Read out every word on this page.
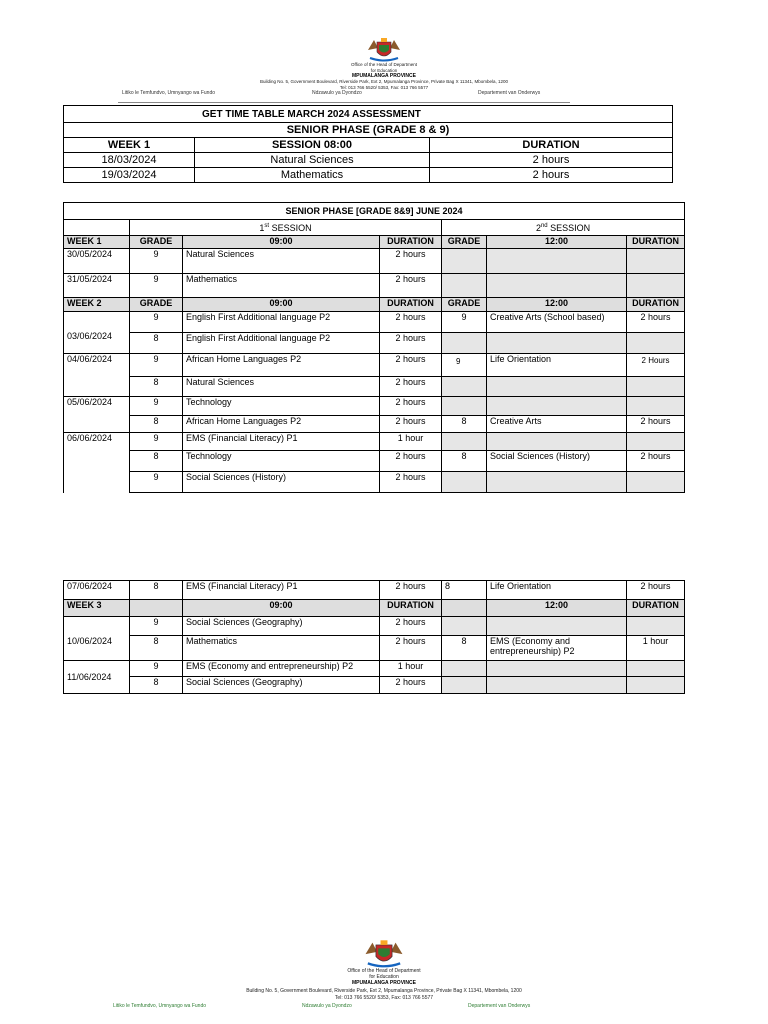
Office of the Head of Department
for Education
MPUMALANGA PROVINCE
Building No. 5, Government Boulevard, Riverside Park, Ext 2, Mpumalanga Province, Private Bag X 11341, Mbombela, 1200
Tel: 013 766 5520/ 5353, Fax: 013 766 5577
Litiko le Temfundvo, Umnyango wa Fundo	Ndzawulo ya Dyondzo	Departement van Onderwys
GET TIME TABLE MARCH 2024 ASSESSMENT		
SENIOR PHASE (GRADE 8 & 9)		
WEEK 1	SESSION 08:00	DURATION
18/03/2024	Natural Sciences	2 hours
19/03/2024	Mathematics	2 hours
SENIOR PHASE [GRADE 8&9] JUNE 2024						
	1st SESSION			2nd SESSION		
WEEK 1	GRADE	09:00	DURATION	GRADE	12:00	DURATION
30/05/2024	9	Natural Sciences	2 hours			
31/05/2024	9	Mathematics	2 hours			
WEEK 2	GRADE	09:00	DURATION	GRADE	12:00	DURATION
03/06/2024	9	English First Additional language P2	2 hours	9	Creative Arts (School based)	2 hours
	8	English First Additional language P2	2 hours			
04/06/2024	9	African Home Languages P2	2 hours	9	Life Orientation	2 Hours
	8	Natural Sciences	2 hours			
05/06/2024	9	Technology	2 hours			
	8	African Home Languages P2	2 hours	8	Creative Arts	2 hours
06/06/2024	9	EMS (Financial Literacy) P1	1 hour			
	8	Technology	2 hours	8	Social Sciences (History)	2 hours
	9	Social Sciences (History)	2 hours			
07/06/2024	8	EMS (Financial Literacy) P1	2 hours	8	Life Orientation	2 hours
WEEK 3		09:00	DURATION		12:00	DURATION
10/06/2024	9	Social Sciences (Geography)	2 hours			
	8	Mathematics	2 hours	8	EMS (Economy and entrepreneurship) P2	1 hour
11/06/2024	9	EMS (Economy and entrepreneurship) P2	1 hour			
	8	Social Sciences (Geography)	2 hours			
Office of the Head of Department
for Education
MPUMALANGA PROVINCE
Building No. 5, Government Boulevard, Riverside Park, Ext 2, Mpumalanga Province, Private Bag X 11341, Mbombela, 1200
Tel: 013 766 5520/ 5353, Fax: 013 766 5577
Litiko le Temfundvo, Umnyango wa Fundo	Ndzawulo ya Dyondzo	Departement van Onderwys
